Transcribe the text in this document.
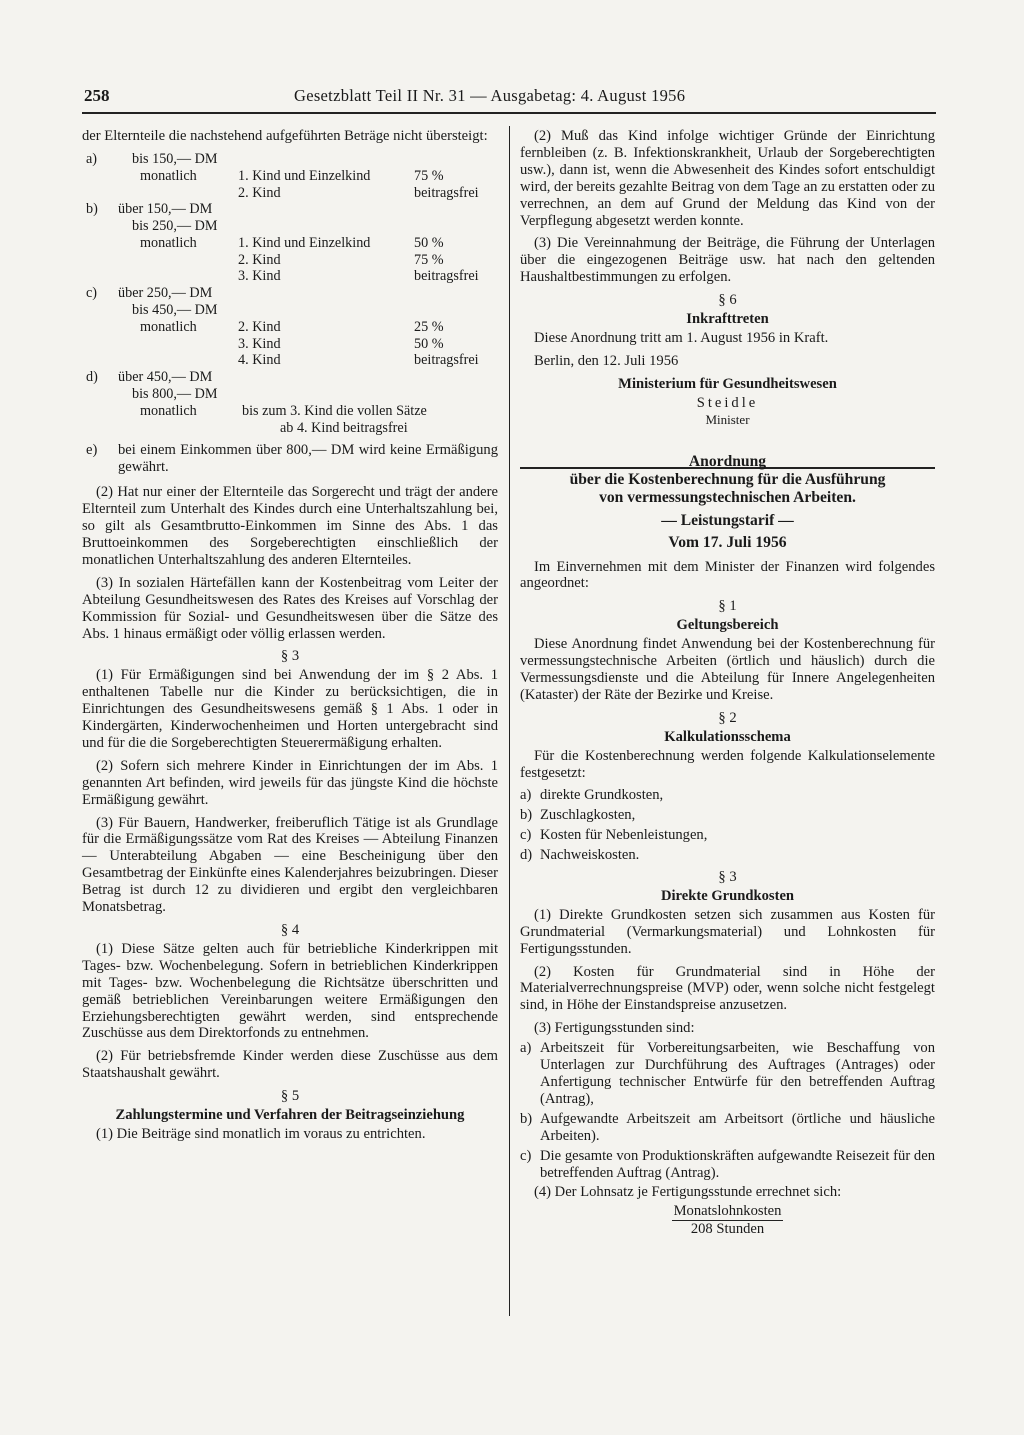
258	Gesetzblatt Teil II Nr. 31 — Ausgabetag: 4. August 1956

der Elternteile die nachstehend aufgeführten Beträge nicht übersteigt:

a) bis 150,— DM
monatlich	1. Kind und Einzelkind	75 %
2. Kind	beitragsfrei
b) über 150,— DM
bis 250,— DM
monatlich	1. Kind und Einzelkind	50 %
2. Kind	75 %
3. Kind	beitragsfrei
c) über 250,— DM
bis 450,— DM
monatlich	2. Kind	25 %
3. Kind	50 %
4. Kind	beitragsfrei
d) über 450,— DM
bis 800,— DM
monatlich	bis zum 3. Kind die vollen Sätze
ab 4. Kind beitragsfrei
e) bei einem Einkommen über 800,— DM wird keine Ermäßigung gewährt.

(2) Hat nur einer der Elternteile das Sorgerecht und trägt der andere Elternteil zum Unterhalt des Kindes durch eine Unterhaltszahlung bei, so gilt als Gesamtbrutto-Einkommen im Sinne des Abs. 1 das Bruttoeinkommen des Sorgeberechtigten einschließlich der monatlichen Unterhaltszahlung des anderen Elternteiles.

(3) In sozialen Härtefällen kann der Kostenbeitrag vom Leiter der Abteilung Gesundheitswesen des Rates des Kreises auf Vorschlag der Kommission für Sozial- und Gesundheitswesen über die Sätze des Abs. 1 hinaus ermäßigt oder völlig erlassen werden.

§ 3

(1) Für Ermäßigungen sind bei Anwendung der im § 2 Abs. 1 enthaltenen Tabelle nur die Kinder zu berücksichtigen, die in Einrichtungen des Gesundheitswesens gemäß § 1 Abs. 1 oder in Kindergärten, Kinderwochenheimen und Horten untergebracht sind und für die die Sorgeberechtigten Steuerermäßigung erhalten.

(2) Sofern sich mehrere Kinder in Einrichtungen der im Abs. 1 genannten Art befinden, wird jeweils für das jüngste Kind die höchste Ermäßigung gewährt.

(3) Für Bauern, Handwerker, freiberuflich Tätige ist als Grundlage für die Ermäßigungssätze vom Rat des Kreises — Abteilung Finanzen — Unterabteilung Abgaben — eine Bescheinigung über den Gesamtbetrag der Einkünfte eines Kalenderjahres beizubringen. Dieser Betrag ist durch 12 zu dividieren und ergibt den vergleichbaren Monatsbetrag.

§ 4

(1) Diese Sätze gelten auch für betriebliche Kinderkrippen mit Tages- bzw. Wochenbelegung. Sofern in betrieblichen Kinderkrippen mit Tages- bzw. Wochenbelegung die Richtsätze überschritten und gemäß betrieblichen Vereinbarungen weitere Ermäßigungen den Erziehungsberechtigten gewährt werden, sind entsprechende Zuschüsse aus dem Direktorfonds zu entnehmen.

(2) Für betriebsfremde Kinder werden diese Zuschüsse aus dem Staatshaushalt gewährt.

§ 5
Zahlungstermine und Verfahren der Beitragseinziehung

(1) Die Beiträge sind monatlich im voraus zu entrichten.

(2) Muß das Kind infolge wichtiger Gründe der Einrichtung fernbleiben (z. B. Infektionskrankheit, Urlaub der Sorgeberechtigten usw.), dann ist, wenn die Abwesenheit des Kindes sofort entschuldigt wird, der bereits gezahlte Beitrag von dem Tage an zu erstatten oder zu verrechnen, an dem auf Grund der Meldung das Kind von der Verpflegung abgesetzt werden konnte.

(3) Die Vereinnahmung der Beiträge, die Führung der Unterlagen über die eingezogenen Beiträge usw. hat nach den geltenden Haushaltbestimmungen zu erfolgen.

§ 6
Inkrafttreten

Diese Anordnung tritt am 1. August 1956 in Kraft.

Berlin, den 12. Juli 1956

Ministerium für Gesundheitswesen
Steidle
Minister
Anordnung
über die Kostenberechnung für die Ausführung
von vermessungstechnischen Arbeiten.
— Leistungstarif —
Vom 17. Juli 1956

Im Einvernehmen mit dem Minister der Finanzen wird folgendes angeordnet:

§ 1
Geltungsbereich

Diese Anordnung findet Anwendung bei der Kostenberechnung für vermessungstechnische Arbeiten (örtlich und häuslich) durch die Vermessungsdienste und die Abteilung für Innere Angelegenheiten (Kataster) der Räte der Bezirke und Kreise.

§ 2
Kalkulationsschema

Für die Kostenberechnung werden folgende Kalkulationselemente festgesetzt:

a) direkte Grundkosten,
b) Zuschlagkosten,
c) Kosten für Nebenleistungen,
d) Nachweiskosten.
§ 3
Direkte Grundkosten

(1) Direkte Grundkosten setzen sich zusammen aus Kosten für Grundmaterial (Vermarkungsmaterial) und Lohnkosten für Fertigungsstunden.

(2) Kosten für Grundmaterial sind in Höhe der Materialverrechnungspreise (MVP) oder, wenn solche nicht festgelegt sind, in Höhe der Einstandspreise anzusetzen.

(3) Fertigungsstunden sind:

a) Arbeitszeit für Vorbereitungsarbeiten, wie Beschaffung von Unterlagen zur Durchführung des Auftrages (Antrages) oder Anfertigung technischer Entwürfe für den betreffenden Auftrag (Antrag),
b) Aufgewandte Arbeitszeit am Arbeitsort (örtliche und häusliche Arbeiten).
c) Die gesamte von Produktionskräften aufgewandte Reisezeit für den betreffenden Auftrag (Antrag).

(4) Der Lohnsatz je Fertigungsstunde errechnet sich:

Monatslohnkosten
208 Stunden
